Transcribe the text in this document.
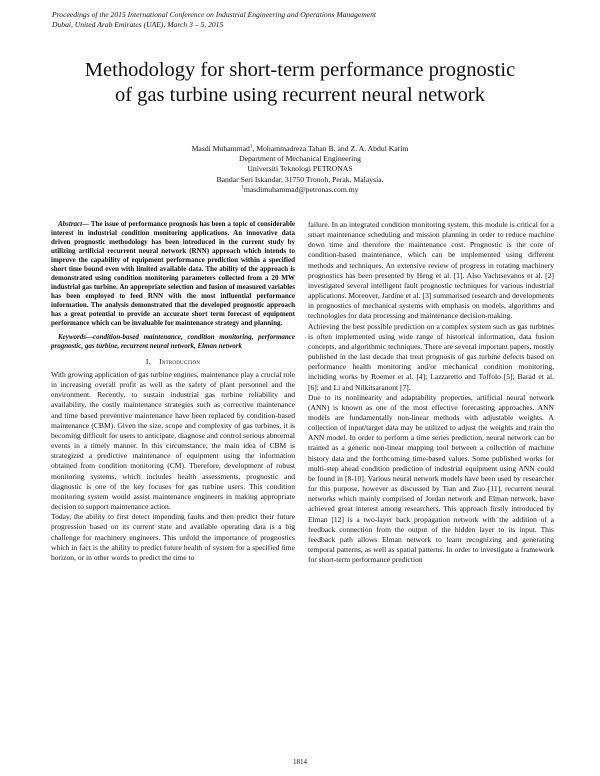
Proceedings of the 2015 International Conference on Industrial Engineering and Operations Management
Dubai, United Arab Emirates (UAE), March 3 – 5, 2015
Methodology for short-term performance prognostic
of gas turbine using recurrent neural network
Masdi Muhammad$^1$, Mohammadreza Tahan B. and Z. A. Abdul Karim
Department of Mechanical Engineering
Universiti Teknologi PETRONAS
Bandar Seri Iskandar, 31750 Tronoh, Perak, Malaysia.
$^1$masdimuhammad@petronas.com.my

Abstract— The issue of performance prognosis has been a topic of considerable interest in industrial condition monitoring applications. An innovative data driven prognostic methodology has been introduced in the current study by utilizing artificial recurrent neural network (RNN) approach which intends to improve the capability of equipment performance prediction within a specified short time bound even with limited available data. The ability of the approach is demonstrated using condition monitoring parameters collected from a 20 MW industrial gas turbine. An appropriate selection and fusion of measured variables has been employed to feed RNN with the most influential performance information. The analysis demonstrated that the developed prognostic approach has a great potential to provide an accurate short term forecast of equipment performance which can be invaluable for maintenance strategy and planning.

Keywords—condition-based maintenance, condition monitoring, performance prognostic, gas turbine, recurrent neural network, Elman network

I. Introduction

With growing application of gas turbine engines, maintenance play a crucial role in increasing overall profit as well as the safety of plant personnel and the environment. Recently, to sustain industrial gas turbine reliability and availability, the costly maintenance strategies such as corrective maintenance and time based preventive maintenance have been replaced by condition-based maintenance (CBM). Given the size, scope and complexity of gas turbines, it is becoming difficult for users to anticipate, diagnose and control serious abnormal events in a timely manner. In this circumstance, the main idea of CBM is strategized a predictive maintenance of equipment using the information obtained from condition monitoring (CM). Therefore, development of robust monitoring systems, which includes health assessments, prognostic and diagnostic is one of the key focuses for gas turbine users. This condition monitoring system would assist maintenance engineers in making appropriate decision to support maintenance action.

Today, the ability to first detect impending faults and then predict their future progression based on its current state and available operating data is a big challenge for machinery engineers. This unfold the importance of prognostics which in fact is the ability to predict future health of system for a specified time horizon, or in other words to predict the time to

failure. In an integrated condition monitoring system, this module is critical for a smart maintenance scheduling and mission planning in order to reduce machine down time and therefore the maintenance cost. Prognostic is the core of condition-based maintenance, which can be implemented using different methods and techniques. An extensive review of progress in rotating machinery prognostics has been presented by Heng et al. [1]. Also Vachtsevanos et al. [2] investigated several intelligent fault prognostic techniques for various industrial applications. Moreover, Jardine et al. [3] summarised research and developments in prognostics of mechanical systems with emphasis on models, algorithms and technologies for data processing and maintenance decision-making.

Achieving the best possible prediction on a complex system such as gas turbines is often implemented using wide range of historical information, data fusion concepts, and algorithmic techniques. There are several important papers, mostly published in the last decade that treat prognosis of gas turbine defects based on performance health monitoring and/or mechanical condition monitoring, including works by Roemer et al. [4]; Lazzaretto and Toffolo [5]; Barad et al. [6]; and Li and Nilkitsaranont [7].

Due to its nonlinearity and adaptability properties, artificial neural network (ANN) is known as one of the most effective forecasting approaches. ANN models are fundamentally non-linear methods with adjustable weights. A collection of input/target data may be utilized to adjust the weights and train the ANN model. In order to perform a time series prediction, neural network can be trained as a generic non-linear mapping tool between a collection of machine history data and the forthcoming time-based values. Some published works for multi-step ahead condition prediction of industrial equipment using ANN could be found in [8-10]. Various neural network models have been used by researcher for this purpose, however as discussed by Tian and Zuo [11], recurrent neural networks which mainly comprised of Jordan network and Elman network, have achieved great interest among researchers. This approach firstly introduced by Elman [12] is a two-layer back propagation network with the addition of a feedback connection from the output of the hidden layer to its input. This feedback path allows Elman network to learn recognizing and generating temporal patterns, as well as spatial patterns. In order to investigate a framework for short-term performance prediction

1814
